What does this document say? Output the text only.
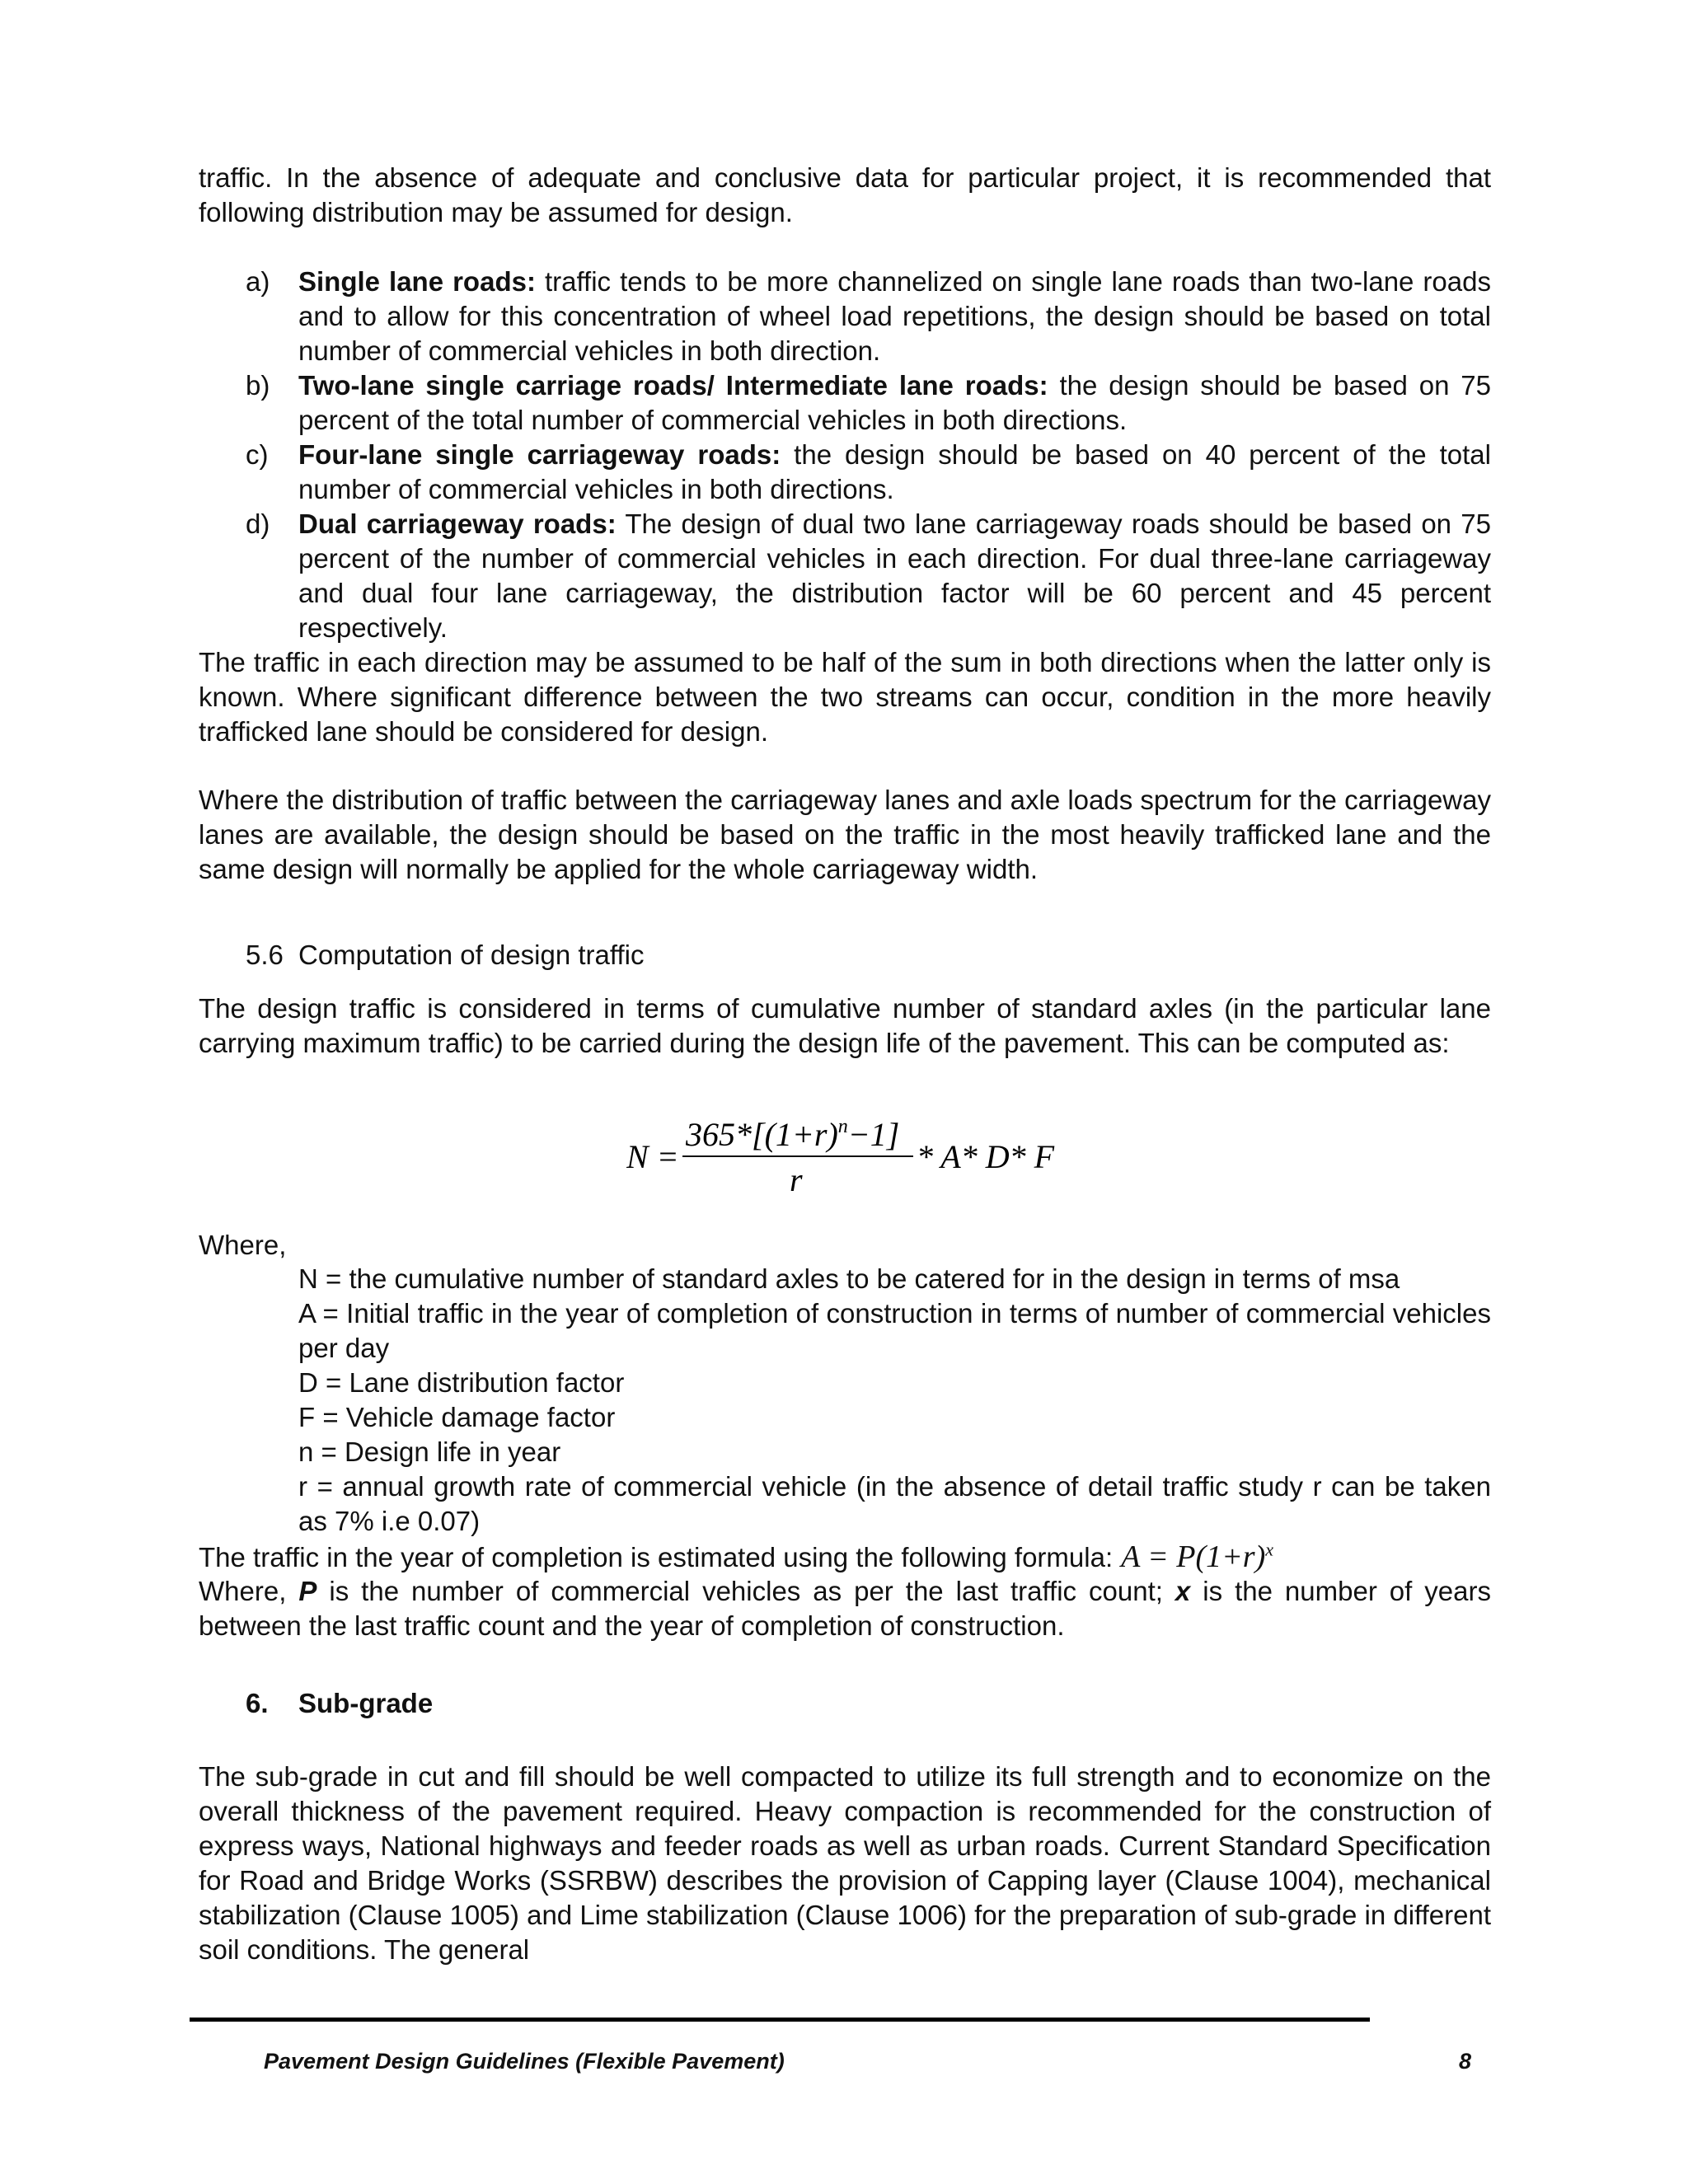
traffic. In the absence of adequate and conclusive data for particular project, it is recommended that following distribution may be assumed for design.

a) Single lane roads: traffic tends to be more channelized on single lane roads than two-lane roads and to allow for this concentration of wheel load repetitions, the design should be based on total number of commercial vehicles in both direction.
b) Two-lane single carriage roads/ Intermediate lane roads: the design should be based on 75 percent of the total number of commercial vehicles in both directions.
c) Four-lane single carriageway roads: the design should be based on 40 percent of the total number of commercial vehicles in both directions.
d) Dual carriageway roads: The design of dual two lane carriageway roads should be based on 75 percent of the number of commercial vehicles in each direction. For dual three-lane carriageway and dual four lane carriageway, the distribution factor will be 60 percent and 45 percent respectively.

The traffic in each direction may be assumed to be half of the sum in both directions when the latter only is known. Where significant difference between the two streams can occur, condition in the more heavily trafficked lane should be considered for design.

Where the distribution of traffic between the carriageway lanes and axle loads spectrum for the carriageway lanes are available, the design should be based on the traffic in the most heavily trafficked lane and the same design will normally be applied for the whole carriageway width.

5.6 Computation of design traffic

The design traffic is considered in terms of cumulative number of standard axles (in the particular lane carrying maximum traffic) to be carried during the design life of the pavement. This can be computed as:

N =
$365*[(1+r)^n-1]$
r
* A* D* F

Where,

N = the cumulative number of standard axles to be catered for in the design in terms of msa
A = Initial traffic in the year of completion of construction in terms of number of commercial vehicles per day
D = Lane distribution factor
F = Vehicle damage factor
n = Design life in year
r = annual growth rate of commercial vehicle (in the absence of detail traffic study r can be taken as 7% i.e 0.07)

The traffic in the year of completion is estimated using the following formula: $A = P(1+r)^x$

Where, P is the number of commercial vehicles as per the last traffic count; x is the number of years between the last traffic count and the year of completion of construction.

6. Sub-grade

The sub-grade in cut and fill should be well compacted to utilize its full strength and to economize on the overall thickness of the pavement required. Heavy compaction is recommended for the construction of express ways, National highways and feeder roads as well as urban roads. Current Standard Specification for Road and Bridge Works (SSRBW) describes the provision of Capping layer (Clause 1004), mechanical stabilization (Clause 1005) and Lime stabilization (Clause 1006) for the preparation of sub-grade in different soil conditions. The general

Pavement Design Guidelines (Flexible Pavement)	8
